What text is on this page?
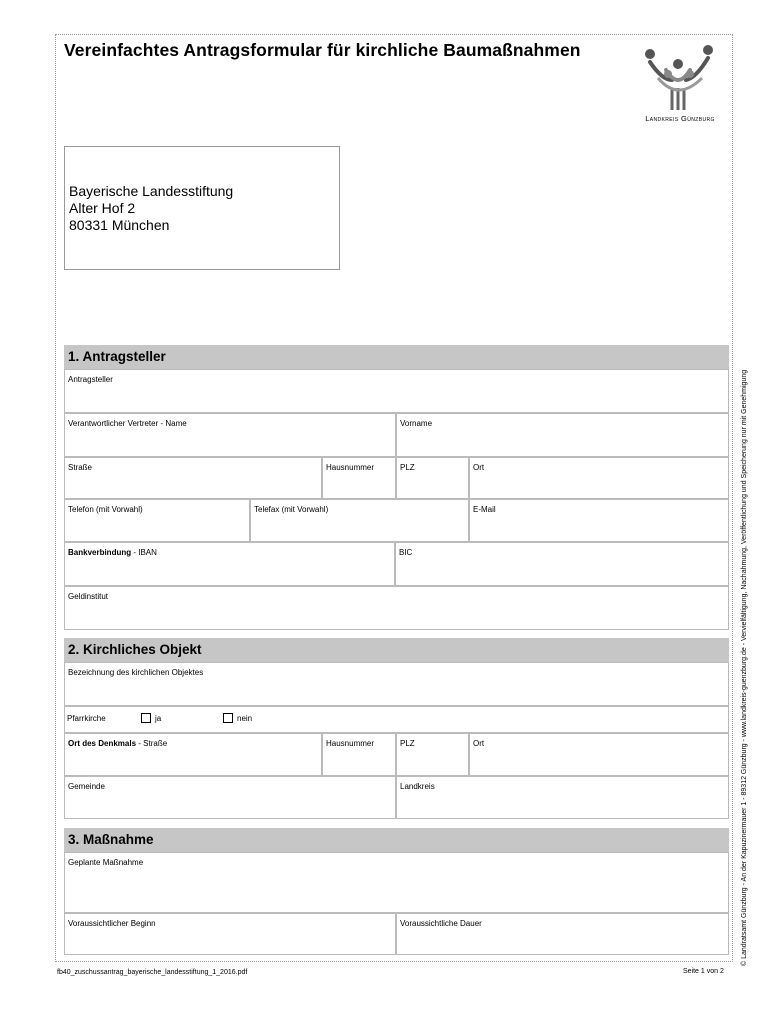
Vereinfachtes Antragsformular für kirchliche Baumaßnahmen
Landkreis Günzburg
Bayerische Landesstiftung
Alter Hof 2
80331 München
© Landratsamt Günzburg - An der Kapuzinermauer 1 - 89312 Günzburg - www.landkreis-guenzburg.de - Vervielfältigung, Nachahmung, Veröffentlichung und Speicherung nur mit Genehmigung
1. Antragsteller
Antragsteller
Verantwortlicher Vertreter - Name	Vorname
Straße	Hausnummer	PLZ	Ort
Telefon (mit Vorwahl)	Telefax (mit Vorwahl)	E-Mail
Bankverbindung - IBAN	BIC
Geldinstitut
2. Kirchliches Objekt
Bezeichnung des kirchlichen Objektes
Pfarrkirche	ja	nein
Ort des Denkmals - Straße	Hausnummer	PLZ	Ort
Gemeinde	Landkreis
3. Maßnahme
Geplante Maßnahme
Voraussichtlicher Beginn	Voraussichtliche Dauer
fb40_zuschussantrag_bayerische_landesstiftung_1_2016.pdf	Seite 1 von 2
